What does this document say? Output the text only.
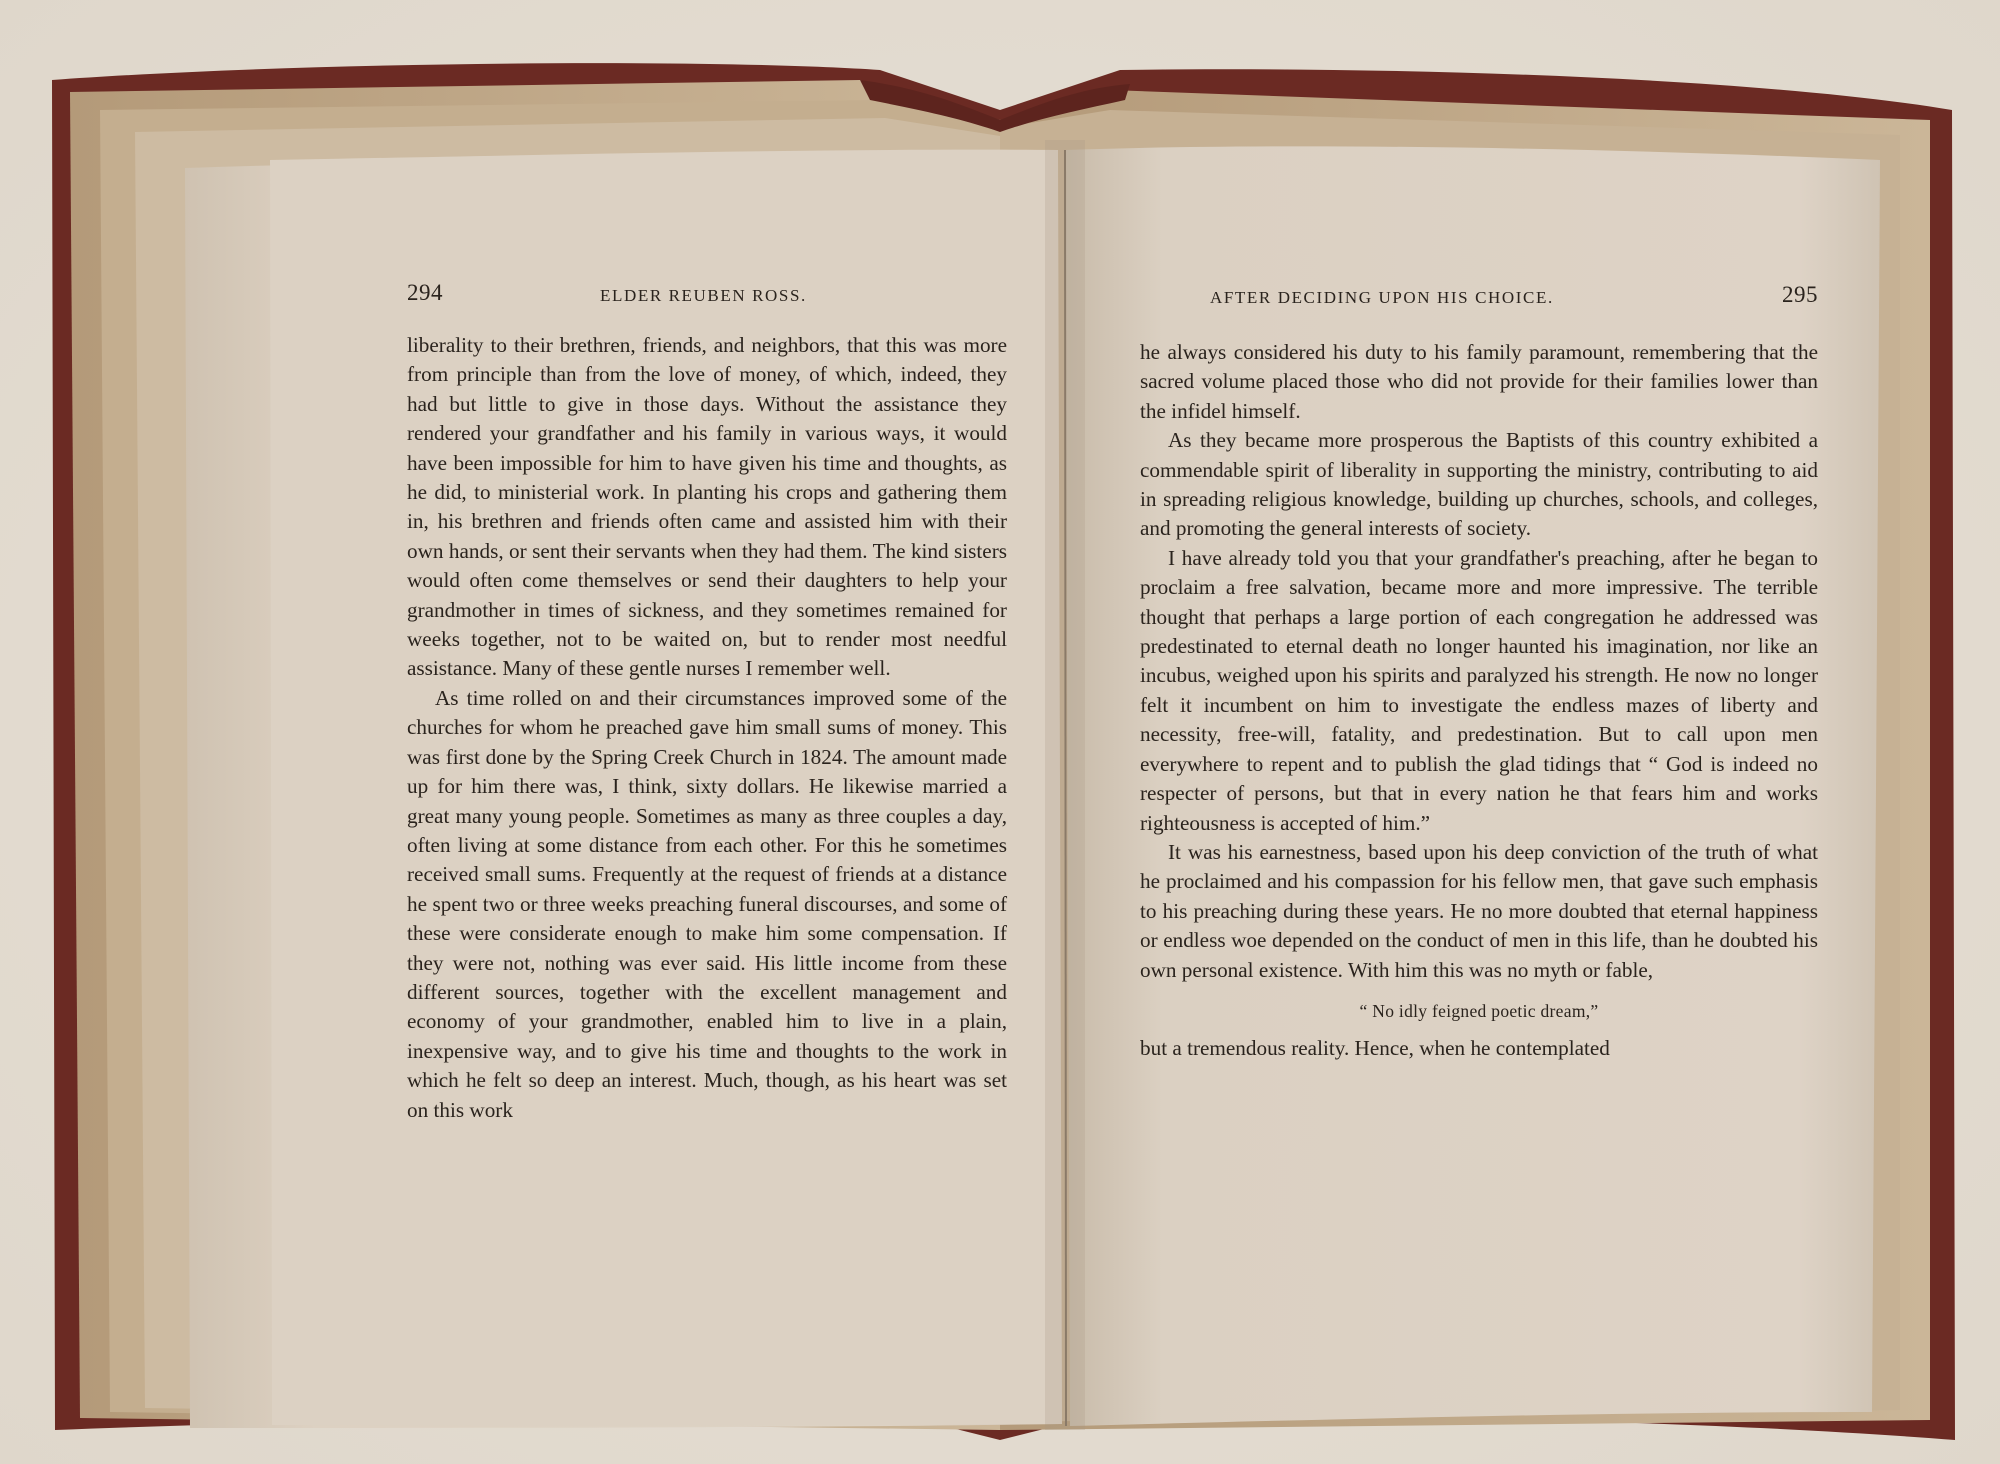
294	ELDER REUBEN ROSS.

liberality to their brethren, friends, and neighbors, that this was more from principle than from the love of money, of which, indeed, they had but little to give in those days. Without the assistance they rendered your grandfather and his family in various ways, it would have been impossible for him to have given his time and thoughts, as he did, to ministerial work. In planting his crops and gathering them in, his brethren and friends often came and assisted him with their own hands, or sent their servants when they had them. The kind sisters would often come themselves or send their daughters to help your grandmother in times of sickness, and they sometimes remained for weeks together, not to be waited on, but to render most needful assistance. Many of these gentle nurses I remember well.

As time rolled on and their circumstances improved some of the churches for whom he preached gave him small sums of money. This was first done by the Spring Creek Church in 1824. The amount made up for him there was, I think, sixty dollars. He likewise married a great many young people. Sometimes as many as three couples a day, often living at some distance from each other. For this he sometimes received small sums. Frequently at the request of friends at a distance he spent two or three weeks preaching funeral discourses, and some of these were considerate enough to make him some compensation. If they were not, nothing was ever said. His little income from these different sources, together with the excellent management and economy of your grandmother, enabled him to live in a plain, inexpensive way, and to give his time and thoughts to the work in which he felt so deep an interest. Much, though, as his heart was set on this work

AFTER DECIDING UPON HIS CHOICE.	295

he always considered his duty to his family paramount, remembering that the sacred volume placed those who did not provide for their families lower than the infidel himself.

As they became more prosperous the Baptists of this country exhibited a commendable spirit of liberality in supporting the ministry, contributing to aid in spreading religious knowledge, building up churches, schools, and colleges, and promoting the general interests of society.

I have already told you that your grandfather's preaching, after he began to proclaim a free salvation, became more and more impressive. The terrible thought that perhaps a large portion of each congregation he addressed was predestinated to eternal death no longer haunted his imagination, nor like an incubus, weighed upon his spirits and paralyzed his strength. He now no longer felt it incumbent on him to investigate the endless mazes of liberty and necessity, free-will, fatality, and predestination. But to call upon men everywhere to repent and to publish the glad tidings that “ God is indeed no respecter of persons, but that in every nation he that fears him and works righteousness is accepted of him.”

It was his earnestness, based upon his deep conviction of the truth of what he proclaimed and his compassion for his fellow men, that gave such emphasis to his preaching during these years. He no more doubted that eternal happiness or endless woe depended on the conduct of men in this life, than he doubted his own personal existence. With him this was no myth or fable,

“ No idly feigned poetic dream,”

but a tremendous reality. Hence, when he contemplated
